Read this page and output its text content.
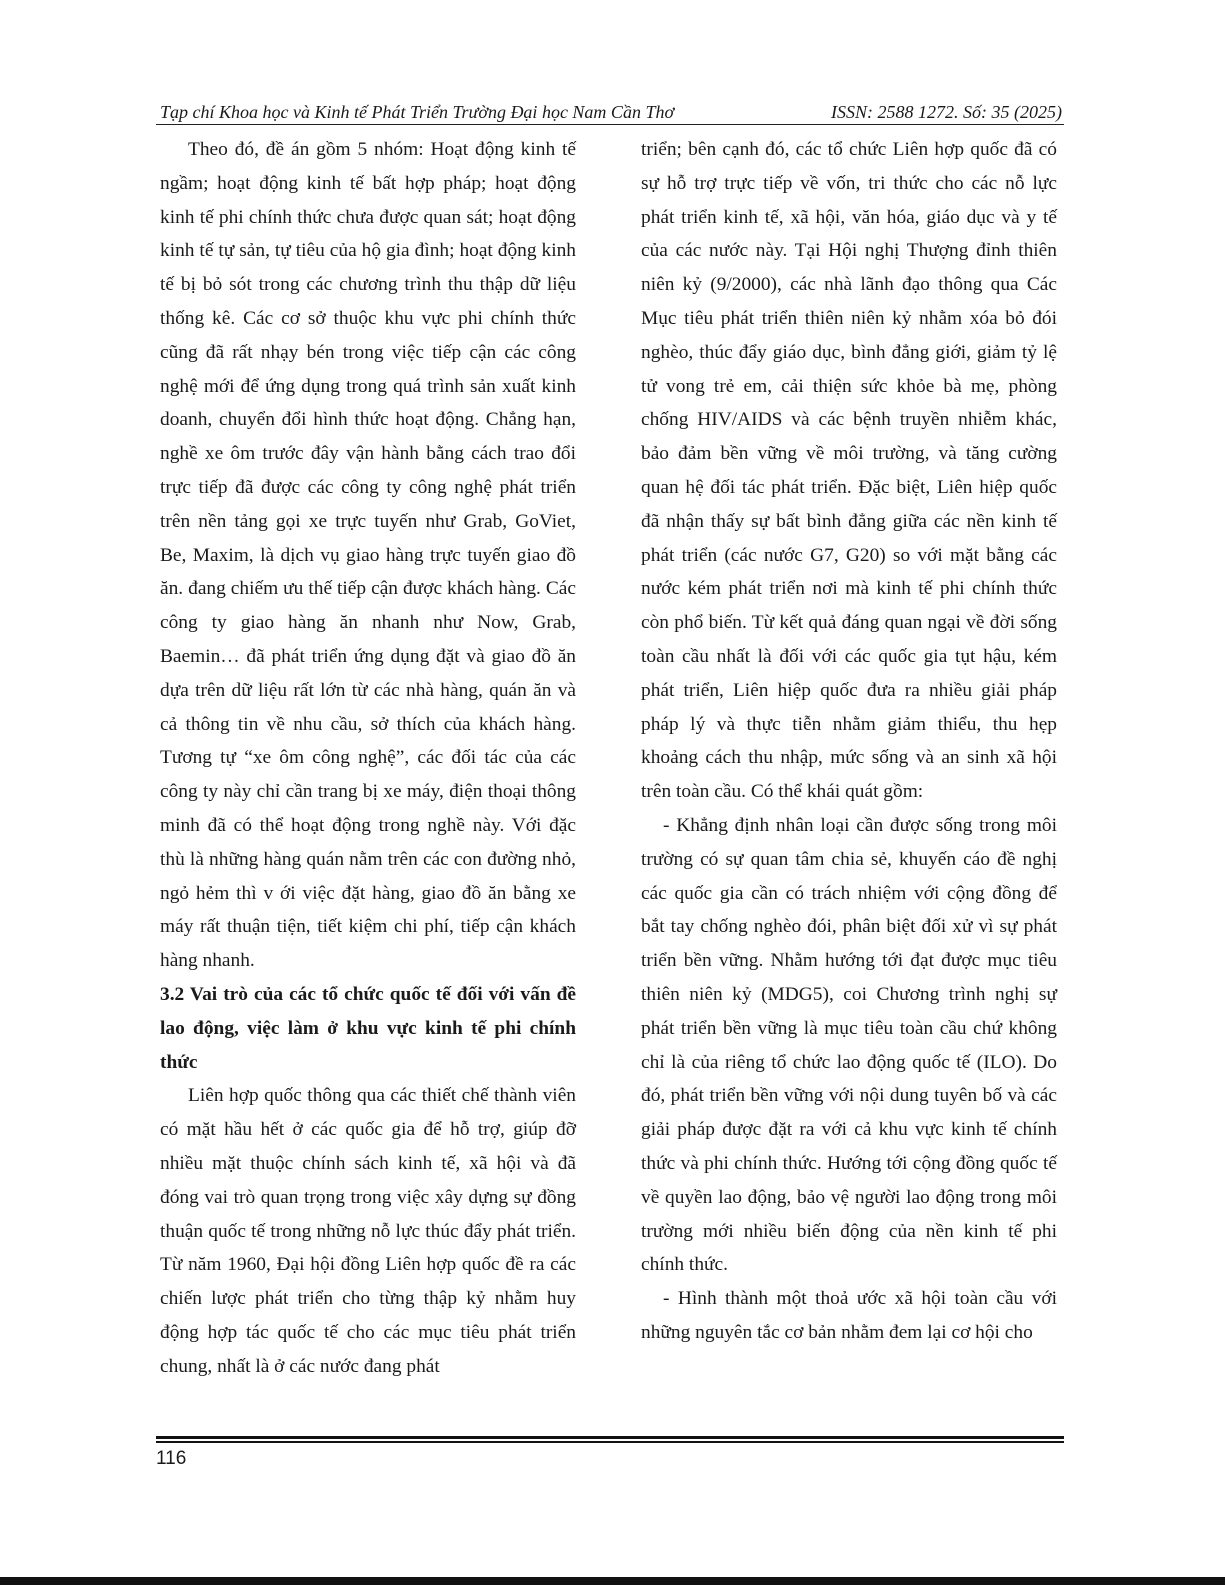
Tạp chí Khoa học và Kinh tế Phát Triển Trường Đại học Nam Cần Thơ	ISSN: 2588 1272. Số: 35 (2025)

Theo đó, đề án gồm 5 nhóm: Hoạt động kinh tế ngầm; hoạt động kinh tế bất hợp pháp; hoạt động kinh tế phi chính thức chưa được quan sát; hoạt động kinh tế tự sản, tự tiêu của hộ gia đình; hoạt động kinh tế bị bỏ sót trong các chương trình thu thập dữ liệu thống kê. Các cơ sở thuộc khu vực phi chính thức cũng đã rất nhạy bén trong việc tiếp cận các công nghệ mới để ứng dụng trong quá trình sản xuất kinh doanh, chuyển đổi hình thức hoạt động. Chẳng hạn, nghề xe ôm trước đây vận hành bằng cách trao đổi trực tiếp đã được các công ty công nghệ phát triển trên nền tảng gọi xe trực tuyến như Grab, GoViet, Be, Maxim, là dịch vụ giao hàng trực tuyến giao đồ ăn. đang chiếm ưu thế tiếp cận được khách hàng. Các công ty giao hàng ăn nhanh như Now, Grab, Baemin… đã phát triển ứng dụng đặt và giao đồ ăn dựa trên dữ liệu rất lớn từ các nhà hàng, quán ăn và cả thông tin về nhu cầu, sở thích của khách hàng. Tương tự “xe ôm công nghệ”, các đối tác của các công ty này chỉ cần trang bị xe máy, điện thoại thông minh đã có thể hoạt động trong nghề này. Với đặc thù là những hàng quán nằm trên các con đường nhỏ, ngỏ hẻm thì v ới việc đặt hàng, giao đồ ăn bằng xe máy rất thuận tiện, tiết kiệm chi phí, tiếp cận khách hàng nhanh.

3.2 Vai trò của các tổ chức quốc tế đối với vấn đề lao động, việc làm ở khu vực kinh tế phi chính thức

Liên hợp quốc thông qua các thiết chế thành viên có mặt hầu hết ở các quốc gia để hỗ trợ, giúp đỡ nhiều mặt thuộc chính sách kinh tế, xã hội và đã đóng vai trò quan trọng trong việc xây dựng sự đồng thuận quốc tế trong những nỗ lực thúc đẩy phát triển. Từ năm 1960, Đại hội đồng Liên hợp quốc đề ra các chiến lược phát triển cho từng thập kỷ nhằm huy động hợp tác quốc tế cho các mục tiêu phát triển chung, nhất là ở các nước đang phát

triển; bên cạnh đó, các tổ chức Liên hợp quốc đã có sự hỗ trợ trực tiếp về vốn, tri thức cho các nỗ lực phát triển kinh tế, xã hội, văn hóa, giáo dục và y tế của các nước này. Tại Hội nghị Thượng đỉnh thiên niên kỷ (9/2000), các nhà lãnh đạo thông qua Các Mục tiêu phát triển thiên niên kỷ nhằm xóa bỏ đói nghèo, thúc đẩy giáo dục, bình đẳng giới, giảm tỷ lệ tử vong trẻ em, cải thiện sức khỏe bà mẹ, phòng chống HIV/AIDS và các bệnh truyền nhiễm khác, bảo đảm bền vững về môi trường, và tăng cường quan hệ đối tác phát triển. Đặc biệt, Liên hiệp quốc đã nhận thấy sự bất bình đẳng giữa các nền kinh tế phát triển (các nước G7, G20) so với mặt bằng các nước kém phát triển nơi mà kinh tế phi chính thức còn phổ biến. Từ kết quả đáng quan ngại về đời sống toàn cầu nhất là đối với các quốc gia tụt hậu, kém phát triển, Liên hiệp quốc đưa ra nhiều giải pháp pháp lý và thực tiễn nhằm giảm thiểu, thu hẹp khoảng cách thu nhập, mức sống và an sinh xã hội trên toàn cầu. Có thể khái quát gồm:

- Khẳng định nhân loại cần được sống trong môi trường có sự quan tâm chia sẻ, khuyến cáo đề nghị các quốc gia cần có trách nhiệm với cộng đồng để bắt tay chống nghèo đói, phân biệt đối xử vì sự phát triển bền vững. Nhằm hướng tới đạt được mục tiêu thiên niên kỷ (MDG5), coi Chương trình nghị sự phát triển bền vững là mục tiêu toàn cầu chứ không chỉ là của riêng tổ chức lao động quốc tế (ILO). Do đó, phát triển bền vững với nội dung tuyên bố và các giải pháp được đặt ra với cả khu vực kinh tế chính thức và phi chính thức. Hướng tới cộng đồng quốc tế về quyền lao động, bảo vệ người lao động trong môi trường mới nhiều biến động của nền kinh tế phi chính thức.

- Hình thành một thoả ước xã hội toàn cầu với những nguyên tắc cơ bản nhằm đem lại cơ hội cho

116
